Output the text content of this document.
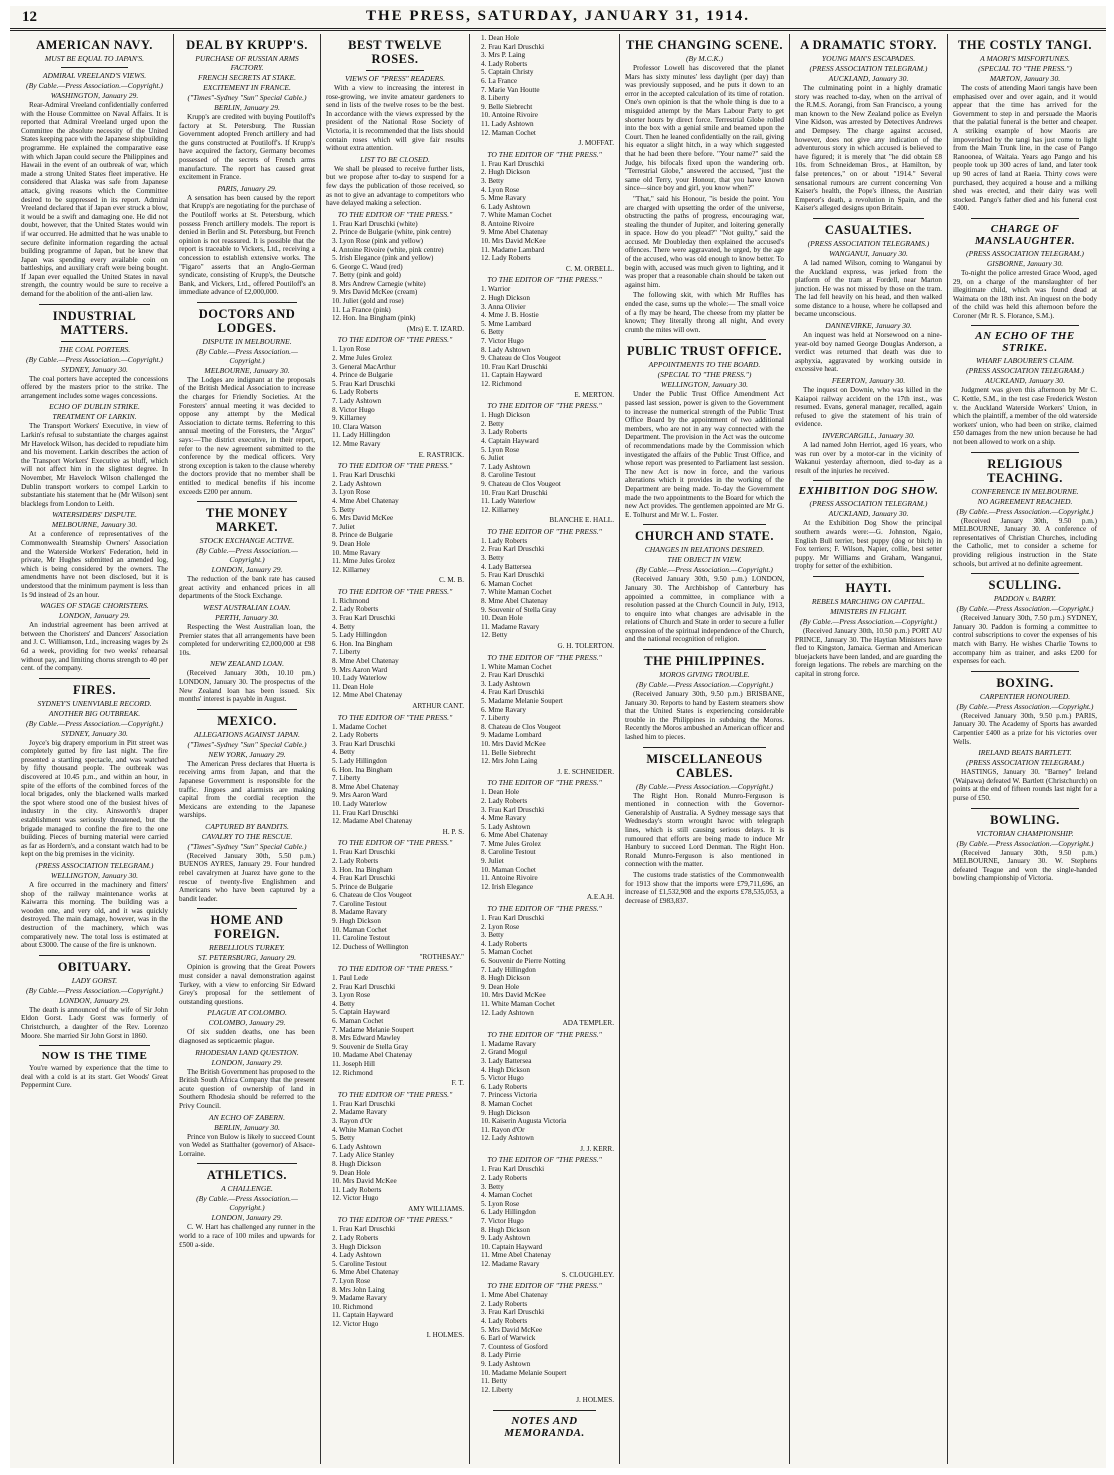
12	THE PRESS, SATURDAY, JANUARY 31, 1914.
AMERICAN NAVY.
MUST BE EQUAL TO JAPAN'S.
ADMIRAL VREELAND'S VIEWS.
(By Cable.—Press Association.—Copyright.)
WASHINGTON, January 29.

Rear-Admiral Vreeland confidentially conferred with the House Committee on Naval Affairs. It is reported that Admiral Vreeland urged upon the Committee the absolute necessity of the United States keeping pace with the Japanese shipbuilding programme. He explained the comparative ease with which Japan could secure the Philippines and Hawaii in the event of an outbreak of war, which made a strong United States fleet imperative. He considered that Alaska was safe from Japanese attack, giving reasons which the Committee desired to be suppressed in its report. Admiral Vreeland declared that if Japan ever struck a blow, it would be a swift and damaging one. He did not doubt, however, that the United States would win if war occurred. He admitted that he was unable to secure definite information regarding the actual building programme of Japan, but he knew that Japan was spending every available coin on battleships, and auxiliary craft were being bought. If Japan ever equalled the United States in naval strength, the country would be sure to receive a demand for the abolition of the anti-alien law.

INDUSTRIAL MATTERS.
THE COAL PORTERS.
(By Cable.—Press Association.—Copyright.)
SYDNEY, January 30.

The coal porters have accepted the concessions offered by the masters prior to the strike. The arrangement includes some wages concessions.

ECHO OF DUBLIN STRIKE.
TREATMENT OF LARKIN.

The Transport Workers' Executive, in view of Larkin's refusal to substantiate the charges against Mr Havelock Wilson, has decided to repudiate him and his movement. Larkin describes the action of the Transport Workers' Executive as bluff, which will not affect him in the slightest degree. In November, Mr Havelock Wilson challenged the Dublin transport workers to compel Larkin to substantiate his statement that he (Mr Wilson) sent blacklegs from London to Leith.

WATERSIDERS' DISPUTE.
MELBOURNE, January 30.

At a conference of representatives of the Commonwealth Steamship Owners' Association and the Waterside Workers' Federation, held in private, Mr Hughes submitted an amended log, which is being considered by the owners. The amendments have not been disclosed, but it is understood that the minimum payment is less than 1s 9d instead of 2s an hour.

WAGES OF STAGE CHORISTERS.
LONDON, January 29.

An industrial agreement has been arrived at between the Choristers' and Dancers' Association and J. C. Williamson, Ltd., increasing wages by 2s 6d a week, providing for two weeks' rehearsal without pay, and limiting chorus strength to 40 per cent. of the company.

FIRES.
SYDNEY'S UNENVIABLE RECORD.
ANOTHER BIG OUTBREAK.
(By Cable.—Press Association.—Copyright.)
SYDNEY, January 30.

Joyce's big drapery emporium in Pitt street was completely gutted by fire last night. The fire presented a startling spectacle, and was watched by fifty thousand people. The outbreak was discovered at 10.45 p.m., and within an hour, in spite of the efforts of the combined forces of the local brigades, only the blackened walls marked the spot where stood one of the busiest hives of industry in the city. Ainsworth's draper establishment was seriously threatened, but the brigade managed to confine the fire to the one building. Pieces of burning material were carried as far as Hordern's, and a constant watch had to be kept on the big premises in the vicinity.

(PRESS ASSOCIATION TELEGRAM.)
WELLINGTON, January 30.

A fire occurred in the machinery and fitters' shop of the railway maintenance works at Kaiwarra this morning. The building was a wooden one, and very old, and it was quickly destroyed. The main damage, however, was in the destruction of the machinery, which was comparatively new. The total loss is estimated at about £3000. The cause of the fire is unknown.

OBITUARY.
LADY GORST.
(By Cable.—Press Association.—Copyright.)
LONDON, January 29.

The death is announced of the wife of Sir John Eldon Gorst. Lady Gorst was formerly of Christchurch, a daughter of the Rev. Lorenzo Moore. She married Sir John Gorst in 1860.

NOW IS THE TIME

You're warned by experience that the time to deal with a cold is at its start. Get Woods' Great Peppermint Cure.

DEAL BY KRUPP'S.
PURCHASE OF RUSSIAN ARMS FACTORY.
FRENCH SECRETS AT STAKE.
EXCITEMENT IN FRANCE.
("Times"-Sydney "Sun" Special Cable.)
BERLIN, January 29.

Krupp's are credited with buying Poutiloff's factory at St. Petersburg. The Russian Government adopted French artillery and had the guns constructed at Poutiloff's. If Krupp's have acquired the factory, Germany becomes possessed of the secrets of French arms manufacture. The report has caused great excitement in France.

PARIS, January 29.

A sensation has been caused by the report that Krupp's are negotiating for the purchase of the Poutiloff works at St. Petersburg, which possess French artillery models. The report is denied in Berlin and St. Petersburg, but French opinion is not reassured. It is possible that the report is traceable to Vickers, Ltd., receiving a concession to establish extensive works. The "Figaro" asserts that an Anglo-German syndicate, consisting of Krupp's, the Deutsche Bank, and Vickers, Ltd., offered Poutiloff's an immediate advance of £2,000,000.

DOCTORS AND LODGES.
DISPUTE IN MELBOURNE.
(By Cable.—Press Association.—Copyright.)
MELBOURNE, January 30.

The Lodges are indignant at the proposals of the British Medical Association to increase the charges for Friendly Societies. At the Foresters' annual meeting it was decided to oppose any attempt by the Medical Association to dictate terms. Referring to this annual meeting of the Foresters, the "Argus" says:—The district executive, in their report, refer to the new agreement submitted to the conference by the medical officers. Very strong exception is taken to the clause whereby the doctors provide that no member shall be entitled to medical benefits if his income exceeds £200 per annum.

THE MONEY MARKET.
STOCK EXCHANGE ACTIVE.
(By Cable.—Press Association.—Copyright.)
LONDON, January 29.

The reduction of the bank rate has caused great activity and enhanced prices in all departments of the Stock Exchange.

WEST AUSTRALIAN LOAN.
PERTH, January 30.

Respecting the West Australian loan, the Premier states that all arrangements have been completed for underwriting £2,000,000 at £98 10s.

NEW ZEALAND LOAN.

(Received January 30th, 10.10 pm.) LONDON, January 30. The prospectus of the New Zealand loan has been issued. Six months' interest is payable in August.

MEXICO.
ALLEGATIONS AGAINST JAPAN.
("Times"-Sydney "Sun" Special Cable.)
NEW YORK, January 29.

The American Press declares that Huerta is receiving arms from Japan, and that the Japanese Government is responsible for the traffic. Jingoes and alarmists are making capital from the cordial reception the Mexicans are extending to the Japanese warships.

CAPTURED BY BANDITS.
CAVALRY TO THE RESCUE.
("Times"-Sydney "Sun" Special Cable.)

(Received January 30th, 5.50 p.m.) BUENOS AYRES, January 29. Four hundred rebel cavalrymen at Juarez have gone to the rescue of twenty-five Englishmen and Americans who have been captured by a bandit leader.

HOME AND FOREIGN.
REBELLIOUS TURKEY.
ST. PETERSBURG, January 29.

Opinion is growing that the Great Powers must consider a naval demonstration against Turkey, with a view to enforcing Sir Edward Grey's proposal for the settlement of outstanding questions.

PLAGUE AT COLOMBO.
COLOMBO, January 29.

Of six sudden deaths, one has been diagnosed as septicaemic plague.

RHODESIAN LAND QUESTION.
LONDON, January 29.

The British Government has proposed to the British South Africa Company that the present acute question of ownership of land in Southern Rhodesia should be referred to the Privy Council.

AN ECHO OF ZABERN.
BERLIN, January 30.

Prince von Bulow is likely to succeed Count von Wedel as Statthalter (governor) of Alsace-Lorraine.

ATHLETICS.
A CHALLENGE.
(By Cable.—Press Association.—Copyright.)
LONDON, January 29.

C. W. Hart has challenged any runner in the world to a race of 100 miles and upwards for £500 a-side.

BEST TWELVE ROSES.
VIEWS OF "PRESS" READERS.

With a view to increasing the interest in rose-growing, we invite amateur gardeners to send in lists of the twelve roses to be the best. In accordance with the views expressed by the president of the National Rose Society of Victoria, it is recommended that the lists should contain roses which will give fair results without extra attention.

LIST TO BE CLOSED.

We shall be pleased to receive further lists, but we propose after to-day to suspend for a few days the publication of those received, so as not to give an advantage to competitors who have delayed making a selection.

TO THE EDITOR OF "THE PRESS."
1. Frau Karl Druschki (white)
2. Prince de Bulgarie (white, pink centre)
3. Lyon Rose (pink and yellow)
4. Antoine Rivoire (white, pink centre)
5. Irish Elegance (pink and yellow)
6. George C. Waud (red)
7. Betty (pink and gold)
8. Mrs Andrew Carnegie (white)
9. Mrs David McKee (cream)
10. Juliet (gold and rose)
11. La France (pink)
12. Hon. Ina Bingham (pink)
(Mrs) E. T. IZARD.
TO THE EDITOR OF "THE PRESS."
1. Lyon Rose
2. Mme Jules Grolez
3. General MacArthur
4. Prince de Bulgarie
5. Frau Karl Druschki
6. Lady Roberts
7. Lady Ashtown
8. Victor Hugo
9. Killarney
10. Clara Watson
11. Lady Hillingdon
12. Mme Ravary
E. RASTRICK.
TO THE EDITOR OF "THE PRESS."
1. Frau Karl Druschki
2. Lady Ashtown
3. Lyon Rose
4. Mme Abel Chatenay
5. Betty
6. Mrs David McKee
7. Juliet
8. Prince de Bulgarie
9. Dean Hole
10. Mme Ravary
11. Mme Jules Grolez
12. Killarney
C. M. B.
TO THE EDITOR OF "THE PRESS."
1. Richmond
2. Lady Roberts
3. Frau Karl Druschki
4. Betty
5. Lady Hillingdon
6. Hon. Ina Bingham
7. Liberty
8. Mme Abel Chatenay
9. Mrs Aaron Ward
10. Lady Waterlow
11. Dean Hole
12. Mme Abel Chatenay
ARTHUR CANT.
TO THE EDITOR OF "THE PRESS."
1. Madame Cochet
2. Lady Roberts
3. Frau Karl Druschki
4. Betty
5. Lady Hillingdon
6. Hon. Ina Bingham
7. Liberty
8. Mme Abel Chatenay
9. Mrs Aaron Ward
10. Lady Waterlow
11. Frau Karl Druschki
12. Madame Abel Chatenay
H. P. S.
TO THE EDITOR OF "THE PRESS."
1. Frau Karl Druschki
2. Lady Roberts
3. Hon. Ina Bingham
4. Frau Karl Druschki
5. Prince de Bulgarie
6. Chateau de Clos Vougeot
7. Caroline Testout
8. Madame Ravary
9. Hugh Dickson
10. Maman Cochet
11. Caroline Testout
12. Duchess of Wellington
"ROTHESAY."
TO THE EDITOR OF "THE PRESS."
1. Paul Lede
2. Frau Karl Druschki
3. Lyon Rose
4. Betty
5. Captain Hayward
6. Maman Cochet
7. Madame Melanie Soupert
8. Mrs Edward Mawley
9. Souvenir de Stella Gray
10. Madame Abel Chatenay
11. Joseph Hill
12. Richmond
F. T.
TO THE EDITOR OF "THE PRESS."
1. Frau Karl Druschki
2. Madame Ravary
3. Rayon d'Or
4. White Maman Cochet
5. Betty
6. Lady Ashtown
7. Lady Alice Stanley
8. Hugh Dickson
9. Dean Hole
10. Mrs David McKee
11. Lady Roberts
12. Victor Hugo
AMY WILLIAMS.
TO THE EDITOR OF "THE PRESS."
1. Frau Karl Druschki
2. Lady Roberts
3. Hugh Dickson
4. Lady Ashtown
5. Caroline Testout
6. Mme Abel Chatenay
7. Lyon Rose
8. Mrs John Laing
9. Madame Ravary
10. Richmond
11. Captain Hayward
12. Victor Hugo
I. HOLMES.
1. Dean Hole
2. Frau Karl Druschki
3. Mrs P. Laing
4. Lady Roberts
5. Captain Christy
6. La France
7. Marie Van Houtte
8. Liberty
9. Belle Siebrecht
10. Antoine Rivoire
11. Lady Ashtown
12. Maman Cochet
J. MOFFAT.
TO THE EDITOR OF "THE PRESS."
1. Frau Karl Druschki
2. Hugh Dickson
3. Betty
4. Lyon Rose
5. Mme Ravary
6. Lady Ashtown
7. White Maman Cochet
8. Antoine Rivoire
9. Mme Abel Chatenay
10. Mrs David McKee
11. Madame Lambard
12. Lady Roberts
C. M. ORBELL.
TO THE EDITOR OF "THE PRESS."
1. Warrior
2. Hugh Dickson
3. Anna Olivier
4. Mme J. B. Hostie
5. Mme Lambard
6. Betty
7. Victor Hugo
8. Lady Ashtown
9. Chateau de Clos Vougeot
10. Frau Karl Druschki
11. Captain Hayward
12. Richmond
E. MERTON.
TO THE EDITOR OF "THE PRESS."
1. Hugh Dickson
2. Betty
3. Lady Roberts
4. Captain Hayward
5. Lyon Rose
6. Juliet
7. Lady Ashtown
8. Caroline Testout
9. Chateau de Clos Vougeot
10. Frau Karl Druschki
11. Lady Waterlow
12. Killarney
BLANCHE E. HALL.
TO THE EDITOR OF "THE PRESS."
1. Lady Roberts
2. Frau Karl Druschki
3. Betty
4. Lady Battersea
5. Frau Karl Druschki
6. Maman Cochet
7. White Maman Cochet
8. Mme Abel Chatenay
9. Souvenir of Stella Gray
10. Dean Hole
11. Madame Ravary
12. Betty
G. H. TOLERTON.
TO THE EDITOR OF "THE PRESS."
1. White Maman Cochet
2. Frau Karl Druschki
3. Lady Ashtown
4. Frau Karl Druschki
5. Madame Melanie Soupert
6. Mme Ravary
7. Liberty
8. Chateau de Clos Vougeot
9. Madame Lombard
10. Mrs David McKee
11. Belle Siebrecht
12. Mrs John Laing
J. E. SCHNEIDER.
TO THE EDITOR OF "THE PRESS."
1. Dean Hole
2. Lady Roberts
3. Frau Karl Druschki
4. Mme Ravary
5. Lady Ashtown
6. Mme Abel Chatenay
7. Mme Jules Grolez
8. Caroline Testout
9. Juliet
10. Maman Cochet
11. Antoine Rivoire
12. Irish Elegance
A.E.A.H.
TO THE EDITOR OF "THE PRESS."
1. Frau Karl Druschki
2. Lyon Rose
3. Betty
4. Lady Roberts
5. Maman Cochet
6. Souvenir de Pierre Notting
7. Lady Hillingdon
8. Hugh Dickson
9. Dean Hole
10. Mrs David McKee
11. White Maman Cochet
12. Lady Ashtown
ADA TEMPLER.
TO THE EDITOR OF "THE PRESS."
1. Madame Ravary
2. Grand Mogul
3. Lady Battersea
4. Hugh Dickson
5. Victor Hugo
6. Lady Roberts
7. Princess Victoria
8. Maman Cochet
9. Hugh Dickson
10. Kaiserin Augusta Victoria
11. Rayon d'Or
12. Lady Ashtown
J. J. KERR.
TO THE EDITOR OF "THE PRESS."
1. Frau Karl Druschki
2. Lady Roberts
3. Betty
4. Maman Cochet
5. Lyon Rose
6. Lady Hillingdon
7. Victor Hugo
8. Hugh Dickson
9. Lady Ashtown
10. Captain Hayward
11. Mme Abel Chatenay
12. Madame Ravary
S. CLOUGHLEY.
TO THE EDITOR OF "THE PRESS."
1. Mme Abel Chatenay
2. Lady Roberts
3. Frau Karl Druschki
4. Lady Roberts
5. Mrs David McKee
6. Earl of Warwick
7. Countess of Gosford
8. Lady Pirrie
9. Lady Ashtown
10. Madame Melanie Soupert
11. Betty
12. Liberty
J. HOLMES.
NOTES AND MEMORANDA.
THE CHANGING SCENE.
(By M.C.K.)

Professor Lowell has discovered that the planet Mars has sixty minutes' less daylight (per day) than was previously supposed, and he puts it down to an error in the accepted calculation of its time of rotation. One's own opinion is that the whole thing is due to a misguided attempt by the Mars Labour Party to get shorter hours by direct force. Terrestrial Globe rolled into the box with a genial smile and beamed upon the Court. Then he leaned confidentially on the rail, giving his equator a slight hitch, in a way which suggested that he had been there before. "Your name?" said the Judge, his bifocals fixed upon the wandering orb. "Terrestrial Globe," answered the accused, "just the same old Terry, your Honour, that you have known since—since boy and girl, you know when?"

"That," said his Honour, "is beside the point. You are charged with upsetting the order of the universe, obstructing the paths of progress, encouraging war, stealing the thunder of Jupiter, and loitering generally in space. How do you plead?" "Not guilty," said the accused. Mr Doubleday then explained the accused's offences. There were aggravated, he urged, by the age of the accused, who was old enough to know better. To begin with, accused was much given to lighting, and it was proper that a reasonable chain should be taken out against him.

The following skit, with which Mr Ruffles has ended the case, sums up the whole:— The small voice of a fly may be heard, The cheese from my platter be known; They literally throng all night, And every crumb the mites will own.

PUBLIC TRUST OFFICE.
APPOINTMENTS TO THE BOARD.
(SPECIAL TO "THE PRESS.")
WELLINGTON, January 30.

Under the Public Trust Office Amendment Act passed last session, power is given to the Government to increase the numerical strength of the Public Trust Office Board by the appointment of two additional members, who are not in any way connected with the Department. The provision in the Act was the outcome of recommendations made by the Commission which investigated the affairs of the Public Trust Office, and whose report was presented to Parliament last session. The new Act is now in force, and the various alterations which it provides in the working of the Department are being made. To-day the Government made the two appointments to the Board for which the new Act provides. The gentlemen appointed are Mr G. E. Tolhurst and Mr W. L. Foster.

CHURCH AND STATE.
CHANGES IN RELATIONS DESIRED.
THE OBJECT IN VIEW.
(By Cable.—Press Association.—Copyright.)

(Received January 30th, 9.50 p.m.) LONDON, January 30. The Archbishop of Canterbury has appointed a committee, in compliance with a resolution passed at the Church Council in July, 1913, to enquire into what changes are advisable in the relations of Church and State in order to secure a fuller expression of the spiritual independence of the Church, and the national recognition of religion.

THE PHILIPPINES.
MOROS GIVING TROUBLE.
(By Cable.—Press Association.—Copyright.)

(Received January 30th, 9.50 p.m.) BRISBANE, January 30. Reports to hand by Eastern steamers show that the United States is experiencing considerable trouble in the Philippines in subduing the Moros. Recently the Moros ambushed an American officer and lashed him to pieces.

MISCELLANEOUS CABLES.
(By Cable.—Press Association.—Copyright.)

The Right Hon. Ronald Munro-Ferguson is mentioned in connection with the Governor-Generalship of Australia. A Sydney message says that Wednesday's storm wrought havoc with telegraph lines, which is still causing serious delays. It is rumoured that efforts are being made to induce Mr Hanbury to succeed Lord Denman. The Right Hon. Ronald Munro-Ferguson is also mentioned in connection with the matter.

The customs trade statistics of the Commonwealth for 1913 show that the imports were £79,711,696, an increase of £1,532,908 and the exports £78,535,053, a decrease of £983,837.

A DRAMATIC STORY.
YOUNG MAN'S ESCAPADES.
(PRESS ASSOCIATION TELEGRAM.)
AUCKLAND, January 30.

The culminating point in a highly dramatic story was reached to-day, when on the arrival of the R.M.S. Aorangi, from San Francisco, a young man known to the New Zealand police as Evelyn Vine Kidson, was arrested by Detectives Andrews and Dempsey. The charge against accused, however, does not give any indication of the adventurous story in which accused is believed to have figured; it is merely that "he did obtain £8 10s. from Schneideman Bros., at Hamilton, by false pretences," on or about "1914." Several sensational rumours are current concerning Von Kaiser's health, the Pope's illness, the Austrian Emperor's death, a revolution in Spain, and the Kaiser's alleged designs upon Britain.

CASUALTIES.
(PRESS ASSOCIATION TELEGRAMS.)
WANGANUI, January 30.

A lad named Wilson, coming to Wanganui by the Auckland express, was jerked from the platform of the tram at Fordell, near Marton junction. He was not missed by those on the tram. The lad fell heavily on his head, and then walked some distance to a house, where he collapsed and became unconscious.

DANNEVIRKE, January 30.

An inquest was held at Norsewood on a nine-year-old boy named George Douglas Anderson, a verdict was returned that death was due to asphyxia, aggravated by working outside in excessive heat.

FEERTON, January 30.

The inquest on Downie, who was killed in the Kaiapoi railway accident on the 17th inst., was resumed. Evans, general manager, recalled, again refused to give the statement of his train of evidence.

INVERCARGILL, January 30.

A lad named John Herriot, aged 16 years, who was run over by a motor-car in the vicinity of Wakanui yesterday afternoon, died to-day as a result of the injuries he received.

EXHIBITION DOG SHOW.
(PRESS ASSOCIATION TELEGRAM.)
AUCKLAND, January 30.

At the Exhibition Dog Show the principal southern awards were:—G. Johnston, Ngaio, English Bull terrier, best puppy (dog or bitch) in Fox terriers; F. Wilson, Napier, collie, best setter puppy. Mr Williams and Graham, Wanganui, trophy for setter of the exhibition.

HAYTI.
REBELS MARCHING ON CAPITAL.
MINISTERS IN FLIGHT.
(By Cable.—Press Association.—Copyright.)

(Received January 30th, 10.50 p.m.) PORT AU PRINCE, January 30. The Haytian Ministers have fled to Kingston, Jamaica. German and American bluejackets have been landed, and are guarding the foreign legations. The rebels are marching on the capital in strong force.

THE COSTLY TANGI.
A MAORI'S MISFORTUNES.
(SPECIAL TO "THE PRESS.")
MARTON, January 30.

The costs of attending Maori tangis have been emphasised over and over again, and it would appear that the time has arrived for the Government to step in and persuade the Maoris that the palatial funeral is the better and cheaper. A striking example of how Maoris are impoverished by the tangi has just come to light from the Main Trunk line, in the case of Pango Ranoonea, of Waitaia. Years ago Pango and his people took up 300 acres of land, and later took up 90 acres of land at Raeia. Thirty cows were purchased, they acquired a house and a milking shed was erected, and their dairy was well stocked. Pango's father died and his funeral cost £400.

CHARGE OF MANSLAUGHTER.
(PRESS ASSOCIATION TELEGRAM.)
GISBORNE, January 30.

To-night the police arrested Grace Wood, aged 29, on a charge of the manslaughter of her illegitimate child, which was found dead at Waimata on the 18th inst. An inquest on the body of the child was held this afternoon before the Coroner (Mr R. S. Florance, S.M.).

AN ECHO OF THE STRIKE.
WHARF LABOURER'S CLAIM.
(PRESS ASSOCIATION TELEGRAM.)
AUCKLAND, January 30.

Judgment was given this afternoon by Mr C. C. Kettle, S.M., in the test case Frederick Weston v. the Auckland Waterside Workers' Union, in which the plaintiff, a member of the old waterside workers' union, who had been on strike, claimed £50 damages from the new union because he had not been allowed to work on a ship.

RELIGIOUS TEACHING.
CONFERENCE IN MELBOURNE.
NO AGREEMENT REACHED.
(By Cable.—Press Association.—Copyright.)

(Received January 30th, 9.50 p.m.) MELBOURNE, January 30. A conference of representatives of Christian Churches, including the Catholic, met to consider a scheme for providing religious instruction in the State schools, but arrived at no definite agreement.

SCULLING.
PADDON v. BARRY.
(By Cable.—Press Association.—Copyright.)

(Received January 30th, 7.50 p.m.) SYDNEY, January 30. Paddon is forming a committee to control subscriptions to cover the expenses of his match with Barry. He wishes Charlie Towns to accompany him as trainer, and asks £200 for expenses for each.

BOXING.
CARPENTIER HONOURED.
(By Cable.—Press Association.—Copyright.)

(Received January 30th, 9.50 p.m.) PARIS, January 30. The Academy of Sports has awarded Carpentier £400 as a prize for his victories over Wells.

IRELAND BEATS BARTLETT.
(PRESS ASSOCIATION TELEGRAM.)

HASTINGS, January 30. "Barney" Ireland (Waipawa) defeated W. Bartlett (Christchurch) on points at the end of fifteen rounds last night for a purse of £50.

BOWLING.
VICTORIAN CHAMPIONSHIP.
(By Cable.—Press Association.—Copyright.)

(Received January 30th, 9.50 p.m.) MELBOURNE, January 30. W. Stephens defeated Teague and won the single-handed bowling championship of Victoria.
